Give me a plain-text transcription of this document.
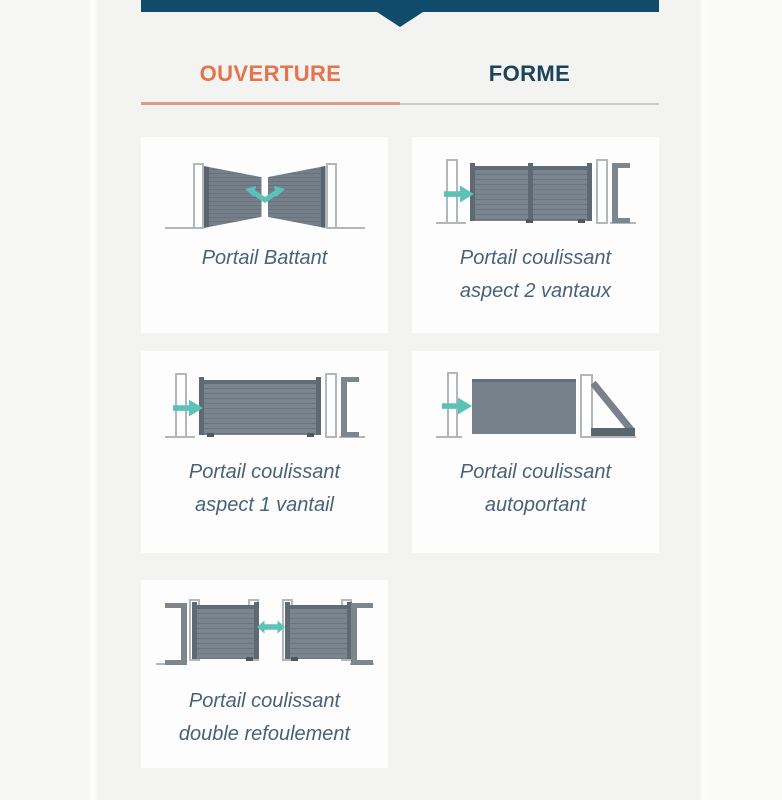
OUVERTURE	FORME
Portail Battant	Portail coulissant
aspect 2 vantaux
Portail coulissant
aspect 1 vantail
Portail coulissant
autoportant
Portail coulissant
double refoulement
